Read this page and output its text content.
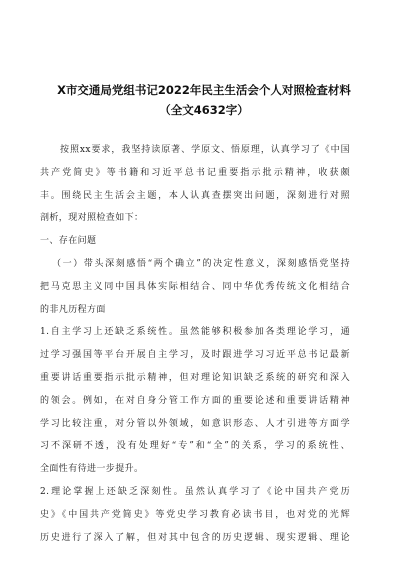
X市交通局党组书记2022年民主生活会个人对照检查材料
（全文4632字）
按照xx要求，我坚持读原著、学原文、悟原理，认真学习了《中国
共产党简史》等书籍和习近平总书记重要指示批示精神，收获颇
丰。围绕民主生活会主题，本人认真查摆突出问题，深刻进行对照
剖析，现对照检查如下：
一、存在问题
（一）带头深刻感悟“两个确立”的决定性意义，深刻感悟党坚持
把马克思主义同中国具体实际相结合、同中华优秀传统文化相结合
的非凡历程方面
1.自主学习上还缺乏系统性。虽然能够积极参加各类理论学习，通
过学习强国等平台开展自主学习，及时跟进学习习近平总书记最新
重要讲话重要指示批示精神，但对理论知识缺乏系统的研究和深入
的领会。例如，在对自身分管工作方面的重要论述和重要讲话精神
学习比较注重，对分管以外领域，如意识形态、人才引进等方面学
习不深研不透，没有处理好“专”和“全”的关系，学习的系统性、
全面性有待进一步提升。
2.理论掌握上还缺乏深刻性。虽然认真学习了《论中国共产党历
史》《中国共产党简史》等党史学习教育必读书目，也对党的光辉
历史进行了深入了解，但对其中包含的历史逻辑、现实逻辑、理论
